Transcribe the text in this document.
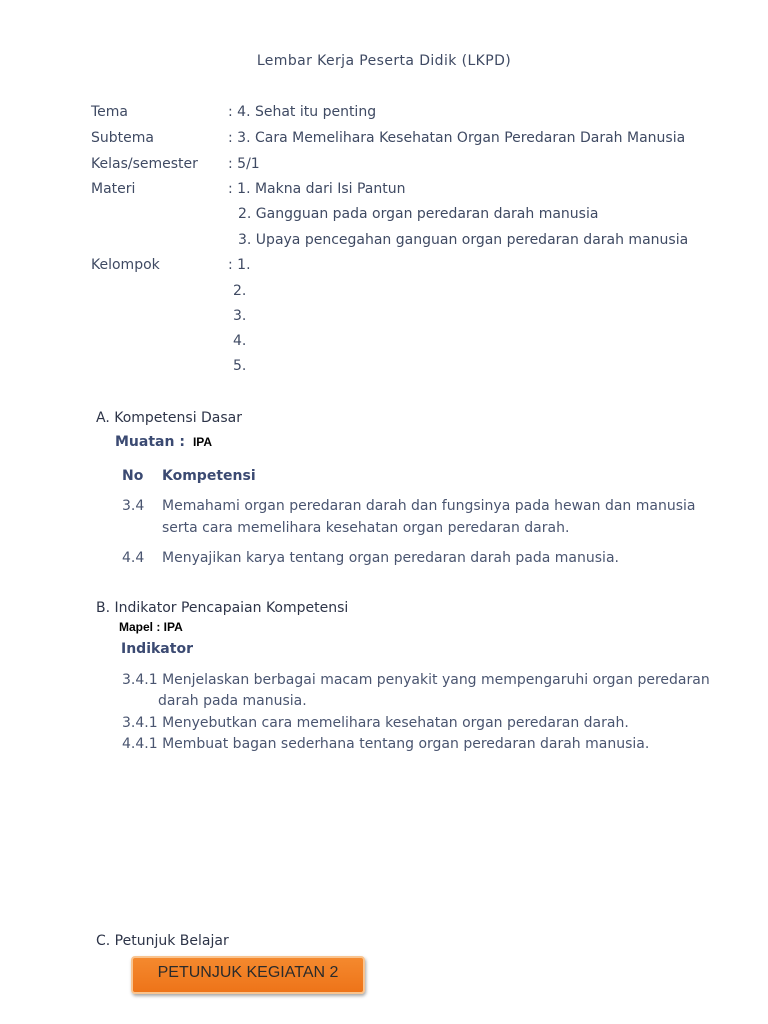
Lembar Kerja Peserta Didik (LKPD)
Tema	: 4. Sehat itu penting
Subtema	: 3. Cara Memelihara Kesehatan Organ Peredaran Darah Manusia
Kelas/semester : 5/1
Materi	: 1. Makna dari Isi Pantun
2. Gangguan pada organ peredaran darah manusia
3. Upaya pencegahan ganguan organ peredaran darah manusia
Kelompok	: 1.
2.
3.
4.
5.
A. Kompetensi Dasar
Muatan : IPA
No Kompetensi
3.4 Memahami organ peredaran darah dan fungsinya pada hewan dan manusia
serta cara memelihara kesehatan organ peredaran darah.
4.4 Menyajikan karya tentang organ peredaran darah pada manusia.
B. Indikator Pencapaian Kompetensi
Mapel : IPA
Indikator
3.4.1 Menjelaskan berbagai macam penyakit yang mempengaruhi organ peredaran
darah pada manusia.
3.4.1 Menyebutkan cara memelihara kesehatan organ peredaran darah.
4.4.1 Membuat bagan sederhana tentang organ peredaran darah manusia.
C. Petunjuk Belajar
PETUNJUK KEGIATAN 2
